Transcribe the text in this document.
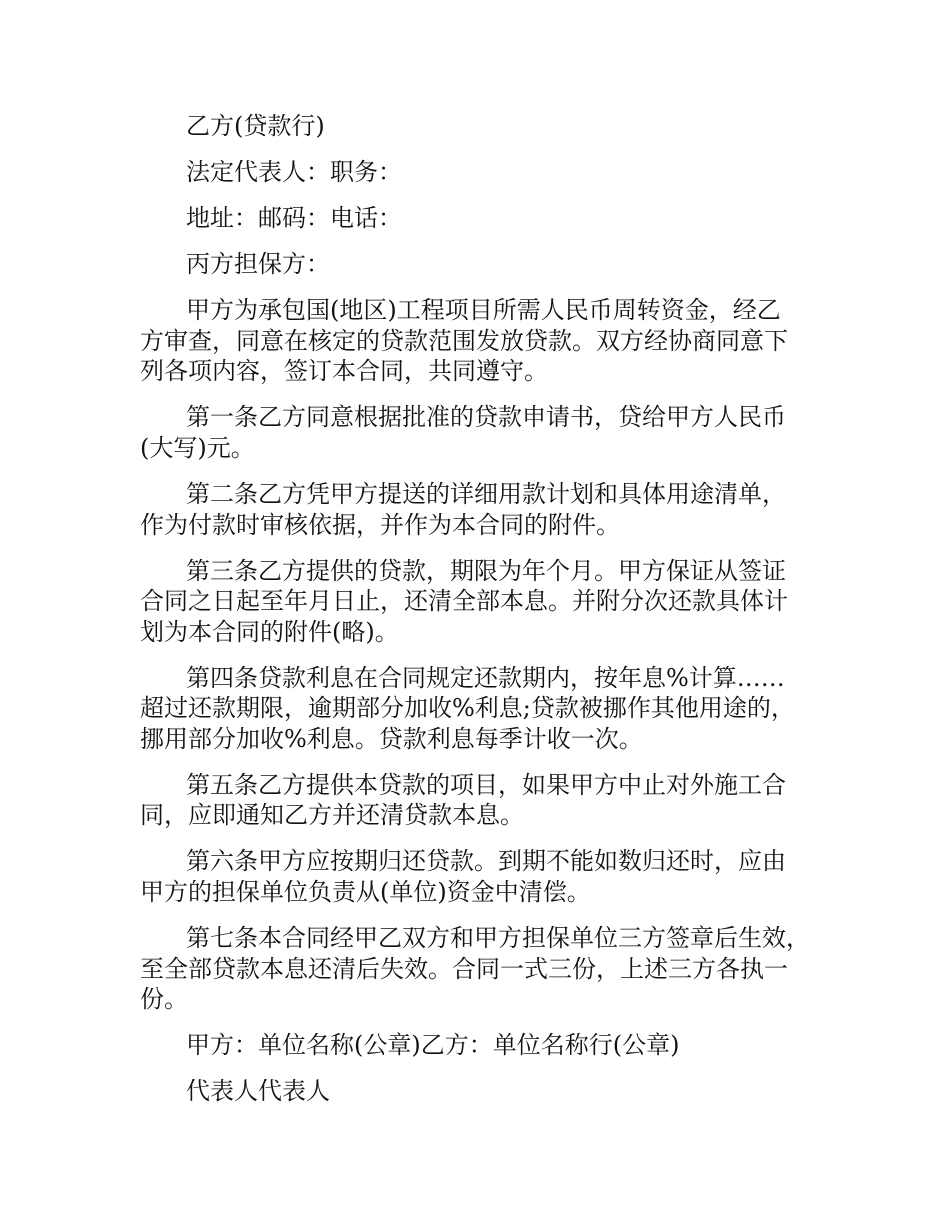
乙方(贷款行)
法定代表人：职务：
地址：邮码：电话：
丙方担保方：
甲方为承包国(地区)工程项目所需人民币周转资金，经乙
方审查，同意在核定的贷款范围发放贷款。双方经协商同意下
列各项内容，签订本合同，共同遵守。
第一条乙方同意根据批准的贷款申请书，贷给甲方人民币
(大写)元。
第二条乙方凭甲方提送的详细用款计划和具体用途清单，
作为付款时审核依据，并作为本合同的附件。
第三条乙方提供的贷款，期限为年个月。甲方保证从签证
合同之日起至年月日止，还清全部本息。并附分次还款具体计
划为本合同的附件(略)。
第四条贷款利息在合同规定还款期内，按年息%计算……
超过还款期限，逾期部分加收%利息;贷款被挪作其他用途的，
挪用部分加收%利息。贷款利息每季计收一次。
第五条乙方提供本贷款的项目，如果甲方中止对外施工合
同，应即通知乙方并还清贷款本息。
第六条甲方应按期归还贷款。到期不能如数归还时，应由
甲方的担保单位负责从(单位)资金中清偿。
第七条本合同经甲乙双方和甲方担保单位三方签章后生效，
至全部贷款本息还清后失效。合同一式三份，上述三方各执一
份。
甲方：单位名称(公章)乙方：单位名称行(公章)
代表人代表人
